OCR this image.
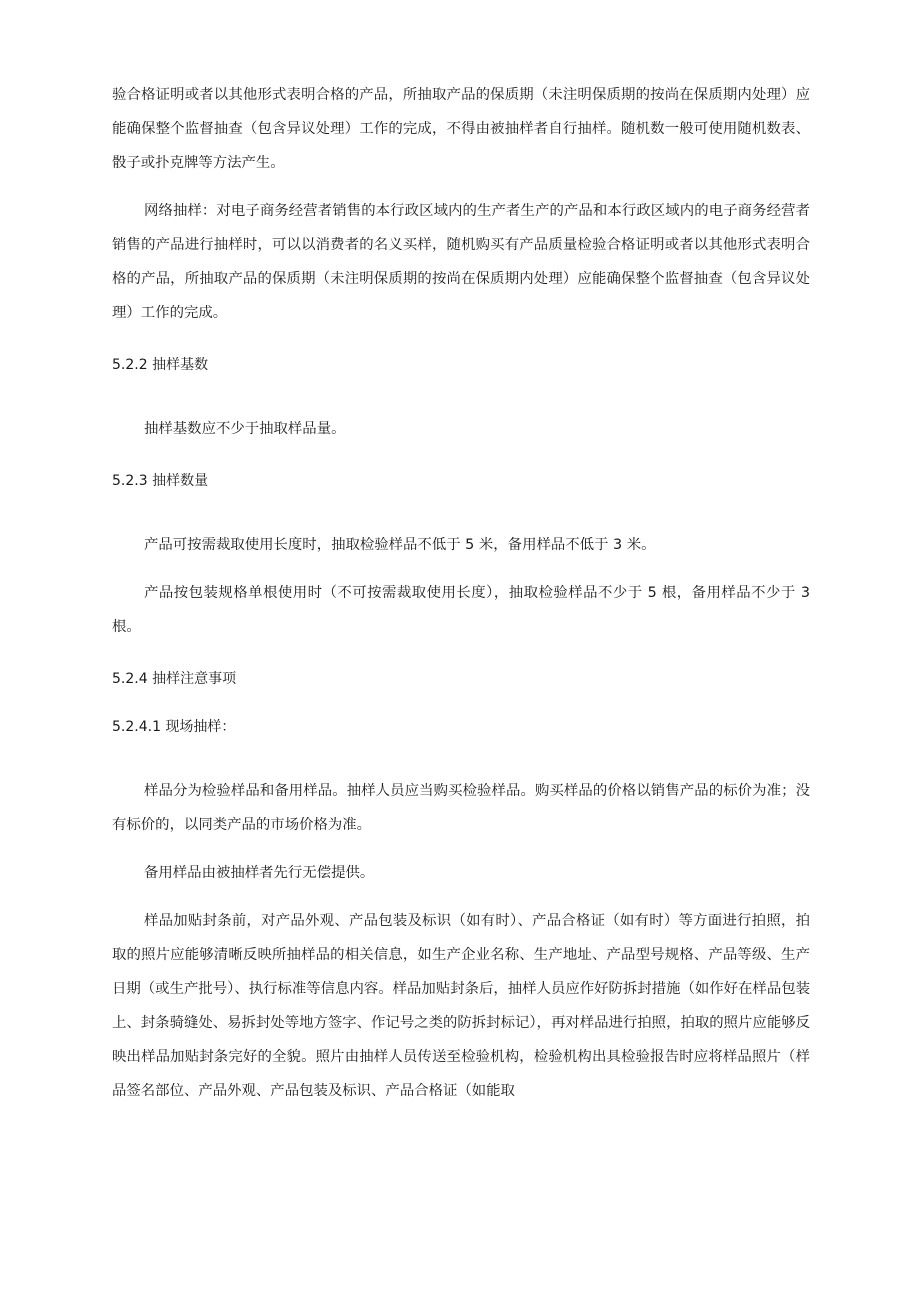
验合格证明或者以其他形式表明合格的产品，所抽取产品的保质期（未注明保质期的按尚在保质期内处理）应能确保整个监督抽查（包含异议处理）工作的完成，不得由被抽样者自行抽样。随机数一般可使用随机数表、骰子或扑克牌等方法产生。

网络抽样：对电子商务经营者销售的本行政区域内的生产者生产的产品和本行政区域内的电子商务经营者销售的产品进行抽样时，可以以消费者的名义买样，随机购买有产品质量检验合格证明或者以其他形式表明合格的产品，所抽取产品的保质期（未注明保质期的按尚在保质期内处理）应能确保整个监督抽查（包含异议处理）工作的完成。

5.2.2 抽样基数

抽样基数应不少于抽取样品量。

5.2.3 抽样数量

产品可按需裁取使用长度时，抽取检验样品不低于 5 米，备用样品不低于 3 米。

产品按包装规格单根使用时（不可按需裁取使用长度），抽取检验样品不少于 5 根，备用样品不少于 3 根。

5.2.4 抽样注意事项

5.2.4.1 现场抽样：

样品分为检验样品和备用样品。抽样人员应当购买检验样品。购买样品的价格以销售产品的标价为准；没有标价的，以同类产品的市场价格为准。

备用样品由被抽样者先行无偿提供。

样品加贴封条前，对产品外观、产品包装及标识（如有时）、产品合格证（如有时）等方面进行拍照，拍取的照片应能够清晰反映所抽样品的相关信息，如生产企业名称、生产地址、产品型号规格、产品等级、生产日期（或生产批号）、执行标准等信息内容。样品加贴封条后，抽样人员应作好防拆封措施（如作好在样品包装上、封条骑缝处、易拆封处等地方签字、作记号之类的防拆封标记），再对样品进行拍照，拍取的照片应能够反映出样品加贴封条完好的全貌。照片由抽样人员传送至检验机构，检验机构出具检验报告时应将样品照片（样品签名部位、产品外观、产品包装及标识、产品合格证（如能取
